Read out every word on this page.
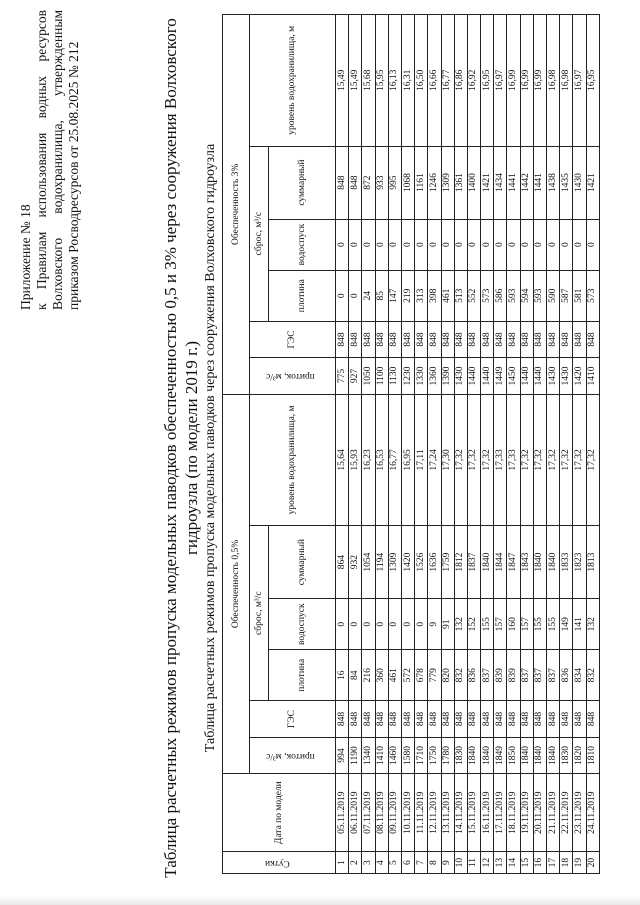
Приложение № 18 к Правилам использования водных ресурсов Волховского водохранилища, утвержденным приказом Росводресурсов от 25.08.2025 № 212	Таблица расчетных режимов пропуска модельных паводков обеспеченностью 0,5 и 3% через сооружения Волховского гидроузла (по модели 2019 г.) Таблица расчетных режимов пропуска модельных паводков через сооружения Волховского гидроузла
Сутки	Дата по модели	Обеспеченность 0,5%						Обеспеченность 3%					
		приток, м³/с	ГЭС	сброс, м³/с			уровень водохранилища, м	приток, м³/с	ГЭС	сброс, м³/с			уровень водохранилища, м
				плотина	водоспуск	суммарный				плотина	водоспуск	суммарный	
1	05.11.2019	994	848	16	0	864	15,64	775	848	0	0	848	15,49
2	06.11.2019	1190	848	84	0	932	15,93	927	848	0	0	848	15,49
3	07.11.2019	1340	848	216	0	1054	16,23	1050	848	24	0	872	15,68
4	08.11.2019	1410	848	360	0	1194	16,53	1100	848	85	0	933	15,95
5	09.11.2019	1460	848	461	0	1309	16,77	1130	848	147	0	995	16,13
6	10.11.2019	1580	848	572	0	1420	16,95	1230	848	219	0	1068	16,31
7	11.11.2019	1710	848	678	0	1526	17,11	1330	848	313	0	1161	16,50
8	12.11.2019	1750	848	779	9	1636	17,24	1360	848	398	0	1246	16,66
9	13.11.2019	1780	848	820	91	1759	17,30	1390	848	461	0	1309	16,77
10	14.11.2019	1830	848	832	132	1812	17,32	1430	848	513	0	1361	16,86
11	15.11.2019	1840	848	836	152	1837	17,32	1440	848	552	0	1400	16,92
12	16.11.2019	1840	848	837	155	1840	17,32	1440	848	573	0	1421	16,95
13	17.11.2019	1849	848	839	157	1844	17,33	1449	848	586	0	1434	16,97
14	18.11.2019	1850	848	839	160	1847	17,33	1450	848	593	0	1441	16,99
15	19.11.2019	1840	848	837	157	1843	17,32	1440	848	594	0	1442	16,99
16	20.11.2019	1840	848	837	155	1840	17,32	1440	848	593	0	1441	16,99
17	21.11.2019	1840	848	837	155	1840	17,32	1430	848	590	0	1438	16,98
18	22.11.2019	1830	848	836	149	1833	17,32	1430	848	587	0	1435	16,98
19	23.11.2019	1820	848	834	141	1823	17,32	1420	848	581	0	1430	16,97
20	24.11.2019	1810	848	832	132	1813	17,32	1410	848	573	0	1421	16,95
